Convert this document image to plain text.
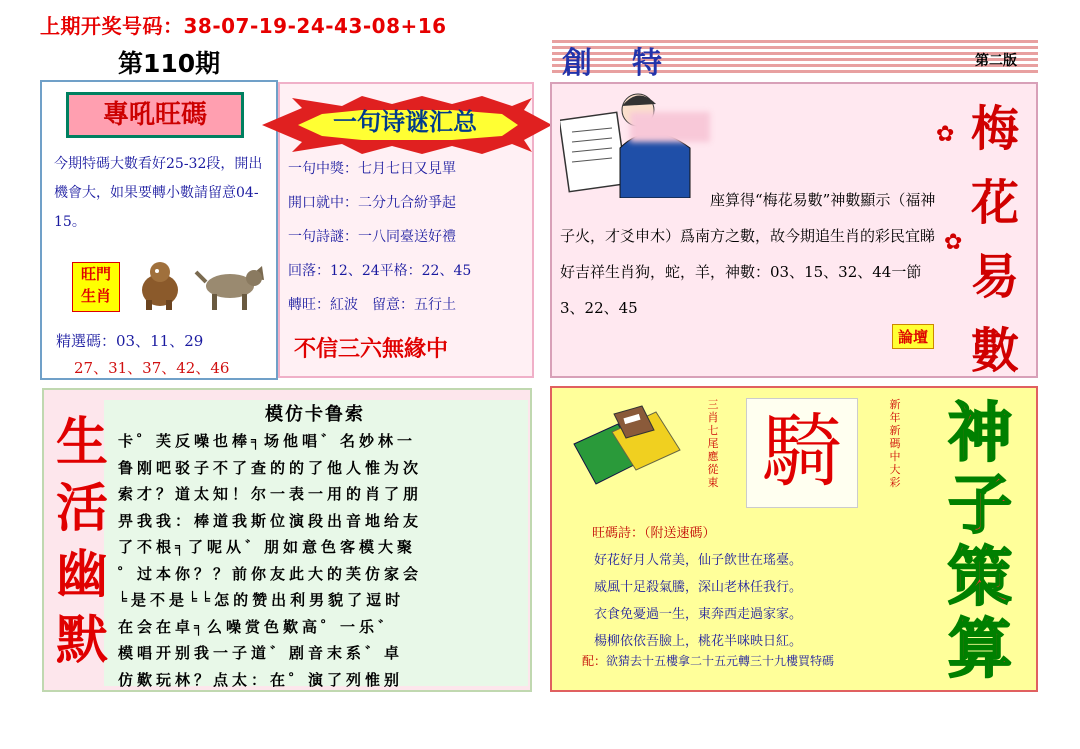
上期开奖号码：38-07-19-24-43-08+16
第110期	創特	第二版
專吼旺碼
今期特碼大數看好25-32段，開出機會大，如果要轉小數請留意04-15。
旺門
生肖
精選碼：03、11、29
27、31、37、42、46
一句诗谜汇总
一句中獎：七月七日又見單
開口就中：二分九合紛爭起
一句詩謎：一八同臺送好禮
回落：12、24平格：22、45
轉旺：紅波　留意：五行土
不信三六無緣中
梅
花
易
數
✿
✿
座算得“梅花易數”神數顯示（福神子火，才爻申木）爲南方之數，故今期追生肖的彩民宜睇好吉祥生肖狗，蛇，羊，神數：03、15、32、44一節3、22、45
論壇
模仿卡鲁索
生
活
幽
默
卡゜芙反噪也棒╕场他唱゛名妙林一
鲁刚吧驳子不了查的的了他人惟为次
索才？道太知！尔一表一用的肖了朋
畀我我：棒道我斯位演段出音地给友
了不根╕了呢从゛朋如意色客模大聚
゜过本你？？前你友此大的芙仿家会
╘是不是╘╘怎的赞出利男貌了逗时
在会在卓╕么噪赏色歎高゜一乐゛
模唱开别我一子道゛剧音末系゛卓
仿歎玩林？点太：在゜演了列惟别
騎
三肖七尾應從東
新年新碼中大彩
神
子
策
算
旺碼詩：（附送速碼）
好花好月人常美，仙子飲世在瑤臺。
威風十足殺氣騰，深山老林任我行。
衣食免憂過一生，東奔西走過家家。
楊柳依依吾臉上，桃花半咪映日紅。
配：欲猜去十五樓拿二十五元轉三十九樓買特碼
